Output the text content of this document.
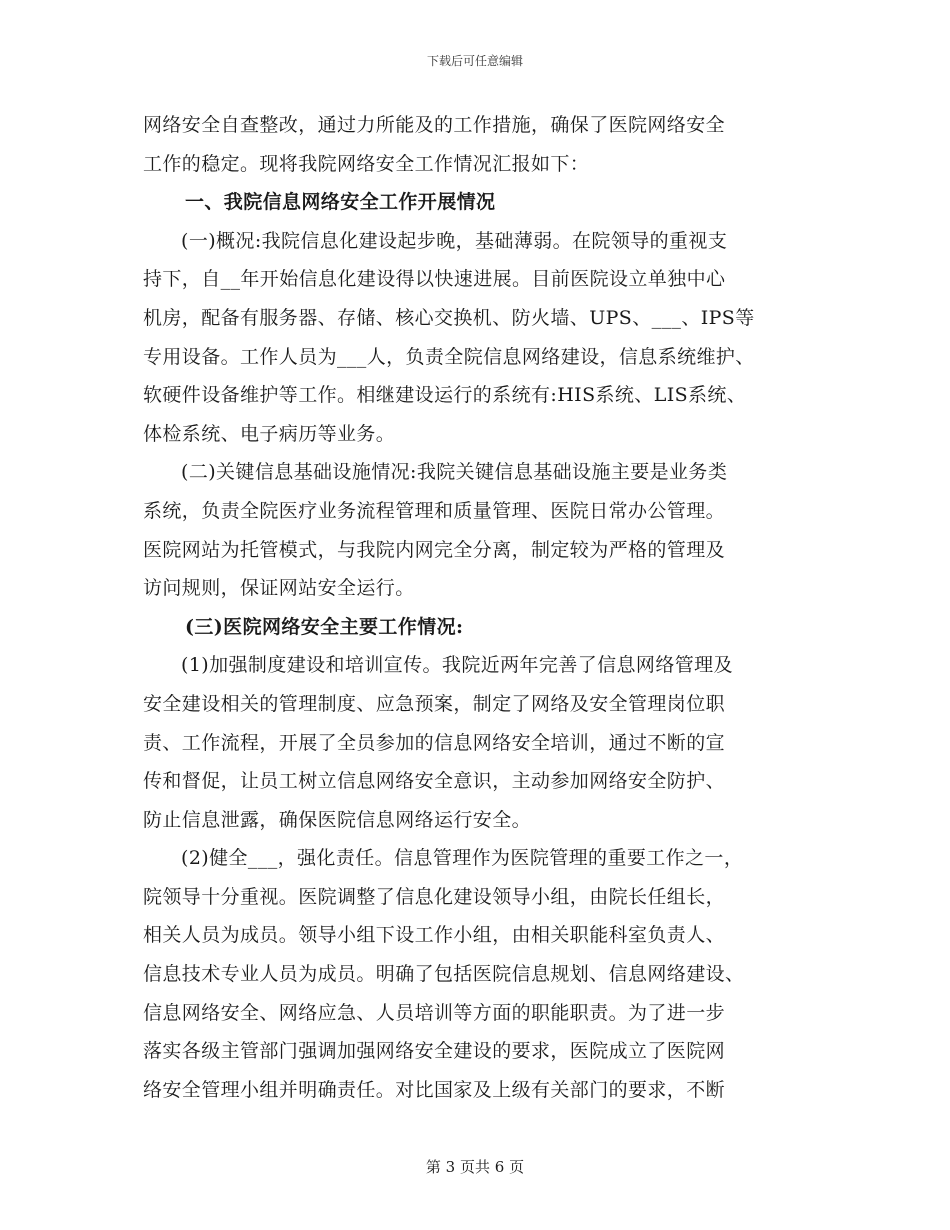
下载后可任意编辑
网络安全自查整改，通过力所能及的工作措施，确保了医院网络安全
工作的稳定。现将我院网络安全工作情况汇报如下：
一、我院信息网络安全工作开展情况
(一)概况:我院信息化建设起步晚，基础薄弱。在院领导的重视支
持下，自__年开始信息化建设得以快速进展。目前医院设立单独中心
机房，配备有服务器、存储、核心交换机、防火墙、UPS、___、IPS等
专用设备。工作人员为___人，负责全院信息网络建设，信息系统维护、
软硬件设备维护等工作。相继建设运行的系统有:HIS系统、LIS系统、
体检系统、电子病历等业务。
(二)关键信息基础设施情况:我院关键信息基础设施主要是业务类
系统，负责全院医疗业务流程管理和质量管理、医院日常办公管理。
医院网站为托管模式，与我院内网完全分离，制定较为严格的管理及
访问规则，保证网站安全运行。
(三)医院网络安全主要工作情况:
(1)加强制度建设和培训宣传。我院近两年完善了信息网络管理及
安全建设相关的管理制度、应急预案，制定了网络及安全管理岗位职
责、工作流程，开展了全员参加的信息网络安全培训，通过不断的宣
传和督促，让员工树立信息网络安全意识，主动参加网络安全防护、
防止信息泄露，确保医院信息网络运行安全。
(2)健全___，强化责任。信息管理作为医院管理的重要工作之一，
院领导十分重视。医院调整了信息化建设领导小组，由院长任组长，
相关人员为成员。领导小组下设工作小组，由相关职能科室负责人、
信息技术专业人员为成员。明确了包括医院信息规划、信息网络建设、
信息网络安全、网络应急、人员培训等方面的职能职责。为了进一步
落实各级主管部门强调加强网络安全建设的要求，医院成立了医院网
络安全管理小组并明确责任。对比国家及上级有关部门的要求，不断
第 3 页共 6 页
